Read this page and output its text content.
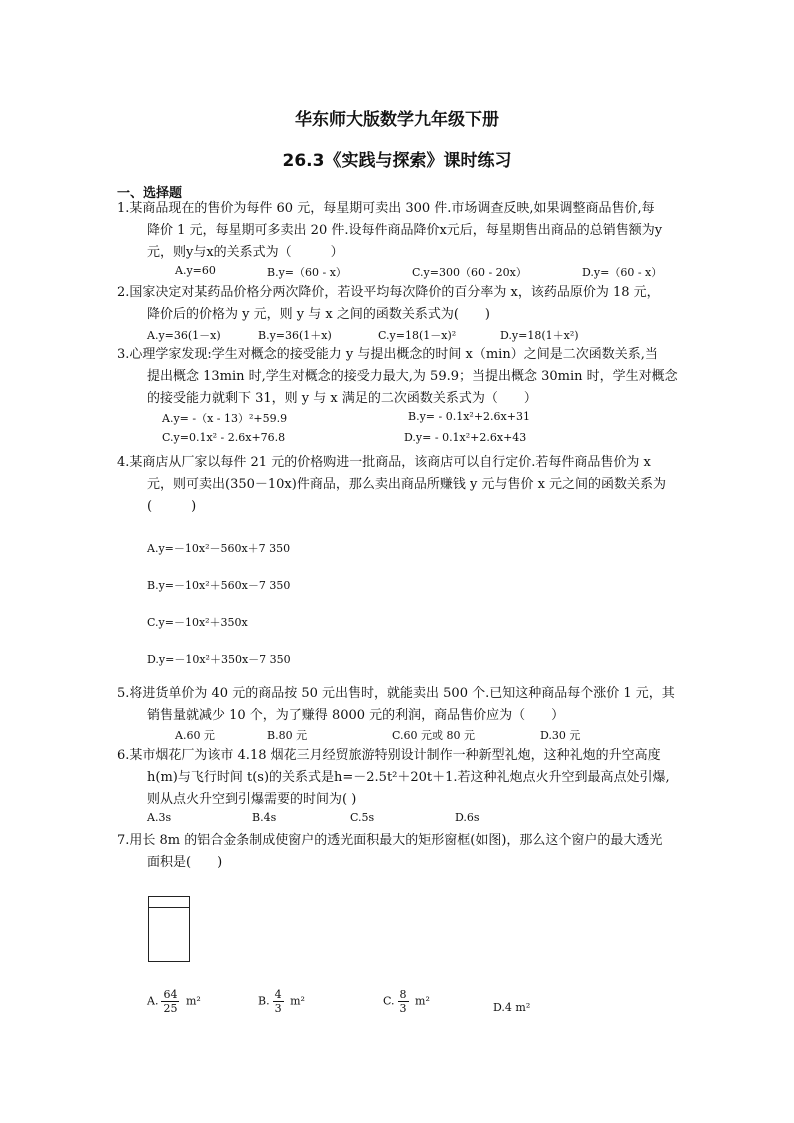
华东师大版数学九年级下册
26.3《实践与探索》课时练习
一、选择题
1.某商品现在的售价为每件 60 元，每星期可卖出 300 件.市场调查反映,如果调整商品售价,每
降价 1 元，每星期可多卖出 20 件.设每件商品降价x元后，每星期售出商品的总销售额为y
元，则y与x的关系式为（　　　）
A.y=60	B.y=（60 - x）	C.y=300（60 - 20x）	D.y=（60 - x）
2.国家决定对某药品价格分两次降价，若设平均每次降价的百分率为 x，该药品原价为 18 元，
降价后的价格为 y 元，则 y 与 x 之间的函数关系式为(　　)
A.y=36(1－x)	B.y=36(1＋x)	C.y=18(1－x)²	D.y=18(1＋x²)
3.心理学家发现:学生对概念的接受能力 y 与提出概念的时间 x（min）之间是二次函数关系,当
提出概念 13min 时,学生对概念的接受力最大,为 59.9；当提出概念 30min 时，学生对概念
的接受能力就剩下 31，则 y 与 x 满足的二次函数关系式为（　　）
A.y= -（x - 13）²+59.9	B.y= - 0.1x²+2.6x+31
C.y=0.1x² - 2.6x+76.8	D.y= - 0.1x²+2.6x+43
4.某商店从厂家以每件 21 元的价格购进一批商品，该商店可以自行定价.若每件商品售价为 x
元，则可卖出(350－10x)件商品，那么卖出商品所赚钱 y 元与售价 x 元之间的函数关系为
(　　　)
A.y=－10x²－560x＋7 350
B.y=－10x²＋560x－7 350
C.y=－10x²＋350x
D.y=－10x²＋350x－7 350
5.将进货单价为 40 元的商品按 50 元出售时，就能卖出 500 个.已知这种商品每个涨价 1 元，其
销售量就减少 10 个，为了赚得 8000 元的利润，商品售价应为（　　）
A.60 元	B.80 元	C.60 元或 80 元	D.30 元
6.某市烟花厂为该市 4.18 烟花三月经贸旅游特别设计制作一种新型礼炮，这种礼炮的升空高度
h(m)与飞行时间 t(s)的关系式是h=－2.5t²＋20t＋1.若这种礼炮点火升空到最高点处引爆,
则从点火升空到引爆需要的时间为( )
A.3s	B.4s	C.5s	D.6s
7.用长 8m 的铝合金条制成使窗户的透光面积最大的矩形窗框(如图)，那么这个窗户的最大透光
面积是(　　)
A. $\frac{64}{25} m^2$	B. $\frac{4}{3} m^2$	C. $\frac{8}{3} m^2$	D.4 m²
